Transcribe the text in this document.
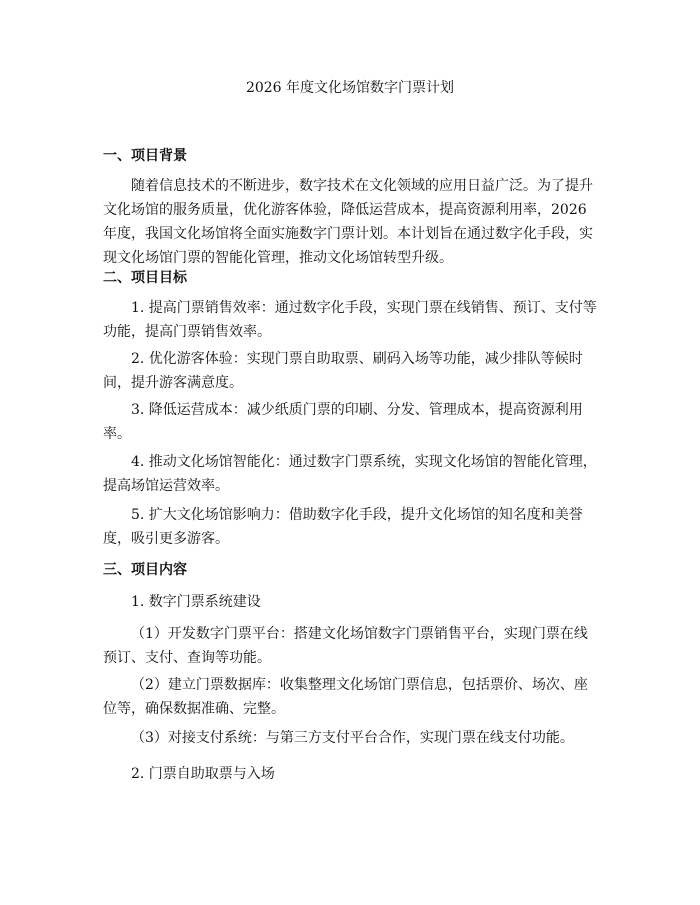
2026 年度文化场馆数字门票计划
一、项目背景

随着信息技术的不断进步，数字技术在文化领域的应用日益广泛。为了提升文化场馆的服务质量，优化游客体验，降低运营成本，提高资源利用率，2026 年度，我国文化场馆将全面实施数字门票计划。本计划旨在通过数字化手段，实现文化场馆门票的智能化管理，推动文化场馆转型升级。

二、项目目标

1. 提高门票销售效率：通过数字化手段，实现门票在线销售、预订、支付等功能，提高门票销售效率。

2. 优化游客体验：实现门票自助取票、刷码入场等功能，减少排队等候时间，提升游客满意度。

3. 降低运营成本：减少纸质门票的印刷、分发、管理成本，提高资源利用率。

4. 推动文化场馆智能化：通过数字门票系统，实现文化场馆的智能化管理，提高场馆运营效率。

5. 扩大文化场馆影响力：借助数字化手段，提升文化场馆的知名度和美誉度，吸引更多游客。

三、项目内容

1. 数字门票系统建设

（1）开发数字门票平台：搭建文化场馆数字门票销售平台，实现门票在线预订、支付、查询等功能。

（2）建立门票数据库：收集整理文化场馆门票信息，包括票价、场次、座位等，确保数据准确、完整。

（3）对接支付系统：与第三方支付平台合作，实现门票在线支付功能。

2. 门票自助取票与入场
